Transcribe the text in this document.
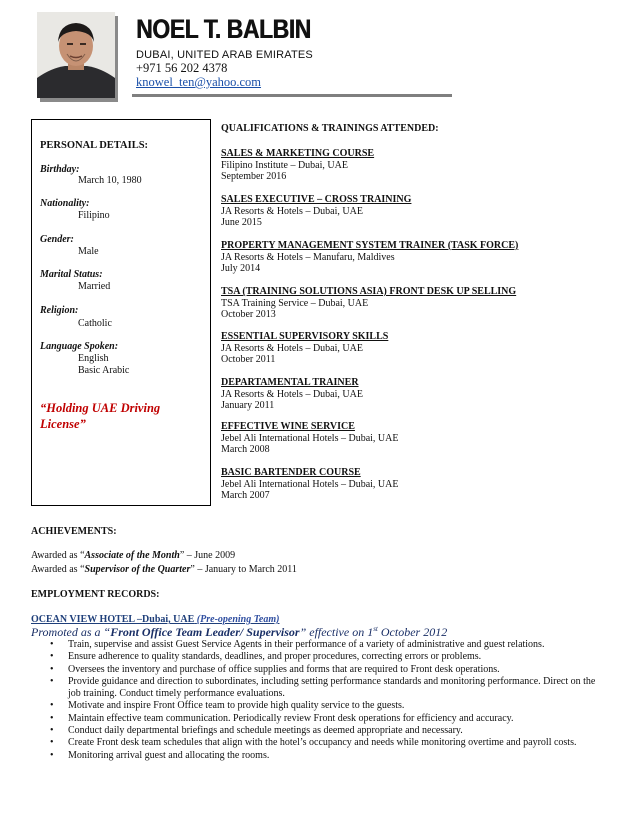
NOEL T. BALBIN
DUBAI, UNITED ARAB EMIRATES
+971 56 202 4378
knowel_ten@yahoo.com
PERSONAL DETAILS:
Birthday:
March 10, 1980
Nationality:
Filipino
Gender:
Male
Marital Status:
Married
Religion:
Catholic
Language Spoken:
English
Basic Arabic
“Holding UAE Driving License”
QUALIFICATIONS & TRAININGS ATTENDED:
SALES & MARKETING COURSE
Filipino Institute – Dubai, UAE
September 2016
SALES EXECUTIVE – CROSS TRAINING
JA Resorts & Hotels – Dubai, UAE
June 2015
PROPERTY MANAGEMENT SYSTEM TRAINER (TASK FORCE)
JA Resorts & Hotels – Manufaru, Maldives
July 2014
TSA (TRAINING SOLUTIONS ASIA) FRONT DESK UP SELLING
TSA Training Service – Dubai, UAE
October 2013
ESSENTIAL SUPERVISORY SKILLS
JA Resorts & Hotels – Dubai, UAE
October 2011
DEPARTAMENTAL TRAINER
JA Resorts & Hotels – Dubai, UAE
January 2011
EFFECTIVE WINE SERVICE
Jebel Ali International Hotels – Dubai, UAE
March 2008
BASIC BARTENDER COURSE
Jebel Ali International Hotels – Dubai, UAE
March 2007
ACHIEVEMENTS:
Awarded as “Associate of the Month” – June 2009
Awarded as “Supervisor of the Quarter” – January to March 2011
EMPLOYMENT RECORDS:
OCEAN VIEW HOTEL –Dubai, UAE (Pre-opening Team)
Promoted as a “Front Office Team Leader/ Supervisor” effective on 1st October 2012
• Train, supervise and assist Guest Service Agents in their performance of a variety of administrative and guest relations.
• Ensure adherence to quality standards, deadlines, and proper procedures, correcting errors or problems.
• Oversees the inventory and purchase of office supplies and forms that are required to Front desk operations.
• Provide guidance and direction to subordinates, including setting performance standards and monitoring performance. Direct on the job training. Conduct timely performance evaluations.
• Motivate and inspire Front Office team to provide high quality service to the guests.
• Maintain effective team communication. Periodically review Front desk operations for efficiency and accuracy.
• Conduct daily departmental briefings and schedule meetings as deemed appropriate and necessary.
• Create Front desk team schedules that align with the hotel’s occupancy and needs while monitoring overtime and payroll costs.
• Monitoring arrival guest and allocating the rooms.
